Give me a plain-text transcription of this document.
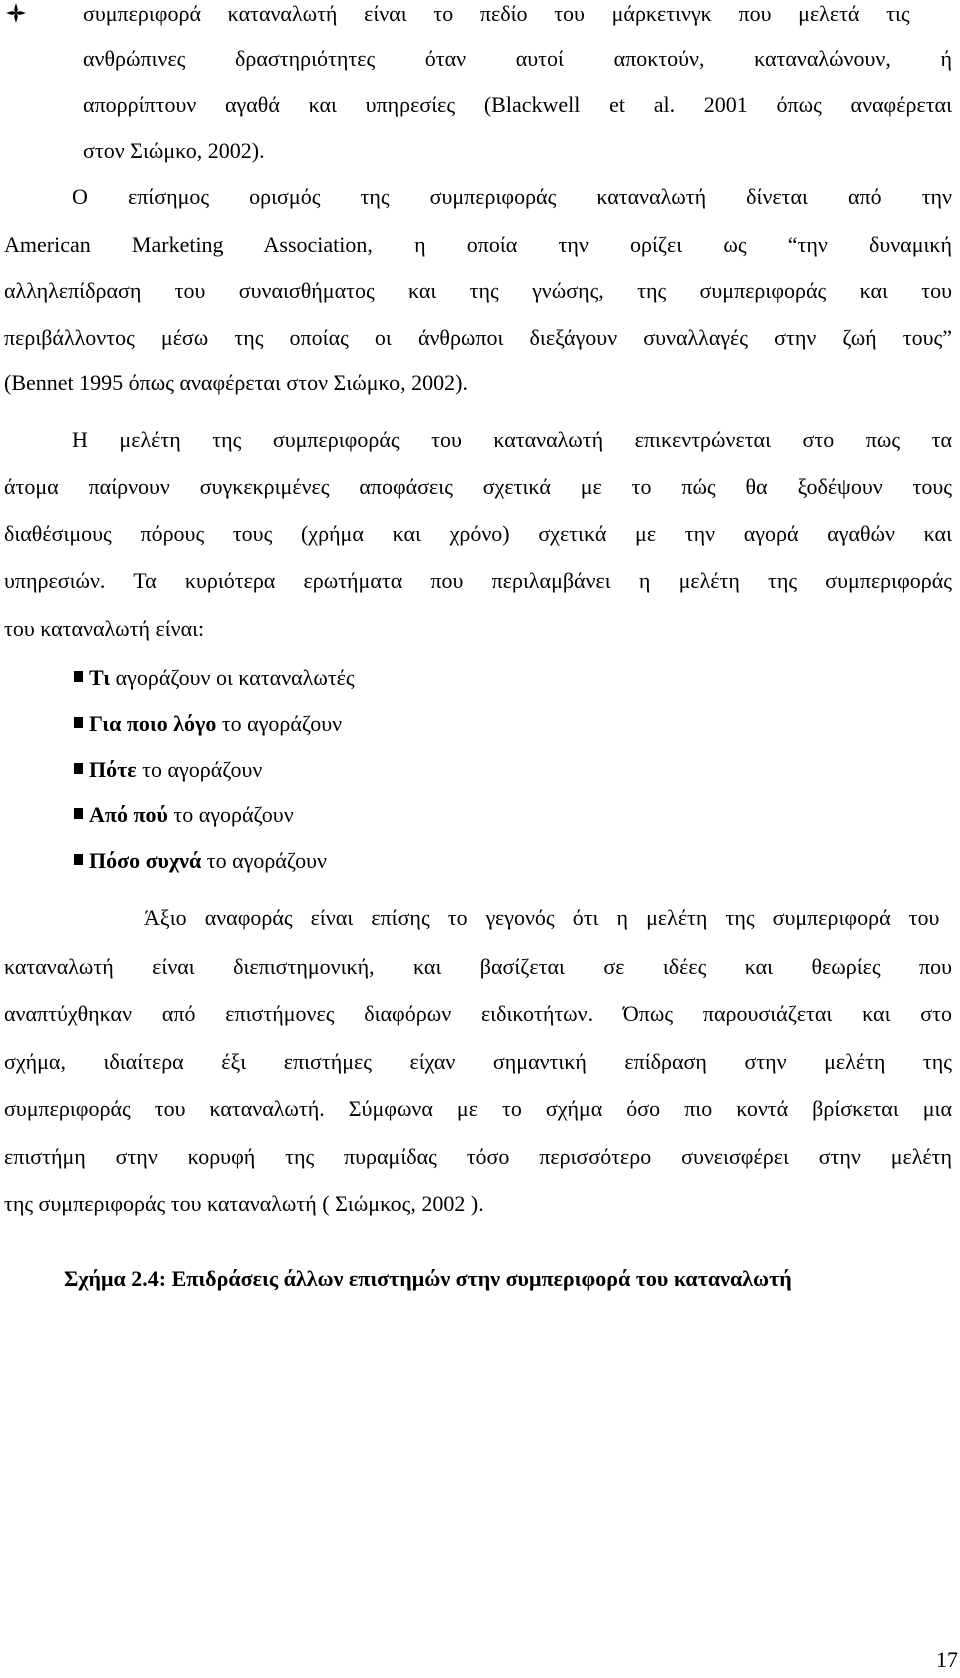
συμπεριφορά καταναλωτή είναι το πεδίο του μάρκετινγκ που μελετά τις
ανθρώπινες δραστηριότητες όταν αυτοί αποκτούν, καταναλώνουν, ή
απορρίπτουν αγαθά και υπηρεσίες (Blackwell et al. 2001 όπως αναφέρεται
στον Σιώμκο, 2002).
Ο επίσημος ορισμός της συμπεριφοράς καταναλωτή δίνεται από την
American Marketing Association, η οποία την ορίζει ως “την δυναμική
αλληλεπίδραση του συναισθήματος και της γνώσης, της συμπεριφοράς και του
περιβάλλοντος μέσω της οποίας οι άνθρωποι διεξάγουν συναλλαγές στην ζωή τους”
(Bennet 1995 όπως αναφέρεται στον Σιώμκο, 2002).
Η μελέτη της συμπεριφοράς του καταναλωτή επικεντρώνεται στο πως τα
άτομα παίρνουν συγκεκριμένες αποφάσεις σχετικά με το πώς θα ξοδέψουν τους
διαθέσιμους πόρους τους (χρήμα και χρόνο) σχετικά με την αγορά αγαθών και
υπηρεσιών. Τα κυριότερα ερωτήματα που περιλαμβάνει η μελέτη της συμπεριφοράς
του καταναλωτή είναι:
Τι αγοράζουν οι καταναλωτές
Για ποιο λόγο το αγοράζουν
Πότε το αγοράζουν
Από πού το αγοράζουν
Πόσο συχνά το αγοράζουν
Άξιο αναφοράς είναι επίσης το γεγονός ότι η μελέτη της συμπεριφορά του
καταναλωτή είναι διεπιστημονική, και βασίζεται σε ιδέες και θεωρίες που
αναπτύχθηκαν από επιστήμονες διαφόρων ειδικοτήτων. Όπως παρουσιάζεται και στο
σχήμα, ιδιαίτερα έξι επιστήμες είχαν σημαντική επίδραση στην μελέτη της
συμπεριφοράς του καταναλωτή. Σύμφωνα με το σχήμα όσο πιο κοντά βρίσκεται μια
επιστήμη στην κορυφή της πυραμίδας τόσο περισσότερο συνεισφέρει στην μελέτη
της συμπεριφοράς του καταναλωτή ( Σιώμκος, 2002 ).
Σχήμα 2.4: Επιδράσεις άλλων επιστημών στην συμπεριφορά του καταναλωτή
17
